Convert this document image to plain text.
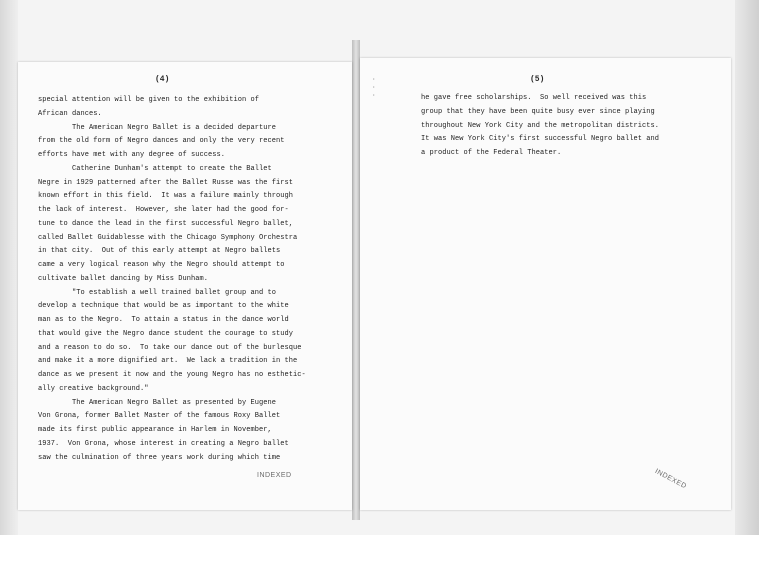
(4)
special attention will be given to the exhibition of
African dances.
The American Negro Ballet is a decided departure
from the old form of Negro dances and only the very recent
efforts have met with any degree of success.
Catherine Dunham's attempt to create the Ballet
Negre in 1929 patterned after the Ballet Russe was the first
known effort in this field.  It was a failure mainly through
the lack of interest.  However, she later had the good for-
tune to dance the lead in the first successful Negro ballet,
called Ballet Guidablesse with the Chicago Symphony Orchestra
in that city.  Out of this early attempt at Negro ballets
came a very logical reason why the Negro should attempt to
cultivate ballet dancing by Miss Dunham.
"To establish a well trained ballet group and to
develop a technique that would be as important to the white
man as to the Negro.  To attain a status in the dance world
that would give the Negro dance student the courage to study
and a reason to do so.  To take our dance out of the burlesque
and make it a more dignified art.  We lack a tradition in the
dance as we present it now and the young Negro has no esthetic-
ally creative background."
The American Negro Ballet as presented by Eugene
Von Grona, former Ballet Master of the famous Roxy Ballet
made its first public appearance in Harlem in November,
1937.  Von Grona, whose interest in creating a Negro ballet
saw the culmination of three years work during which time
INDEXED
·
·
·
(5)
he gave free scholarships.  So well received was this
group that they have been quite busy ever since playing
throughout New York City and the metropolitan districts.
It was New York City's first successful Negro ballet and
a product of the Federal Theater.
INDEXED
